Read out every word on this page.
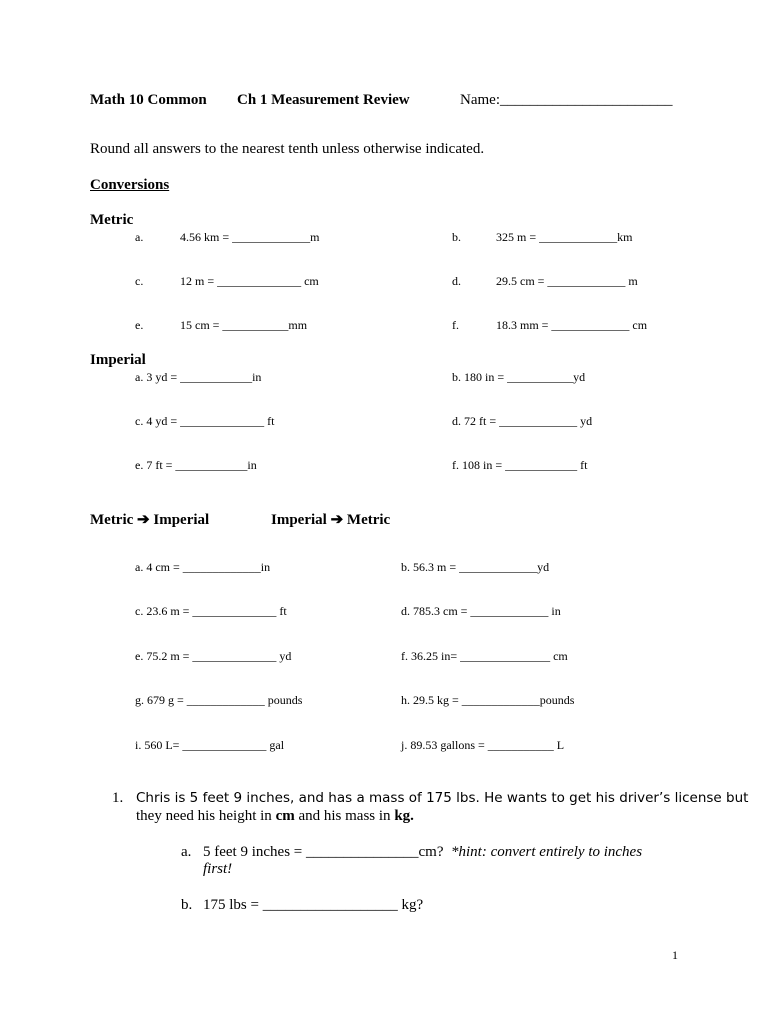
Math 10 Common Ch 1 Measurement Review	Name:_______________________
Round all answers to the nearest tenth unless otherwise indicated.
Conversions
Metric
a.	4.56 km = _____________m	b.	325 m = _____________km
c.	12 m = ______________ cm	d.	29.5 cm = _____________ m
e.	15 cm = ___________mm	f.	18.3 mm = _____________ cm
Imperial
a. 3 yd = ____________in	b. 180 in = ___________yd
c. 4 yd = ______________ ft	d. 72 ft = _____________ yd
e. 7 ft = ____________in	f. 108 in = ____________ ft
Metric ➔ Imperial	Imperial ➔ Metric
a. 4 cm = _____________in	b. 56.3 m = _____________yd
c. 23.6 m = ______________ ft	d. 785.3 cm = _____________ in
e. 75.2 m = ______________ yd	f. 36.25 in= _______________ cm
g. 679 g = _____________ pounds	h. 29.5 kg = _____________pounds
i. 560 L= ______________ gal	j. 89.53 gallons = ___________ L
1. Chris is 5 feet 9 inches, and has a mass of 175 lbs. He wants to get his driver’s license but
they need his height in cm and his mass in kg.
a. 5 feet 9 inches = _______________cm? *hint: convert entirely to inches
first!
b. 175 lbs = __________________ kg?
1
